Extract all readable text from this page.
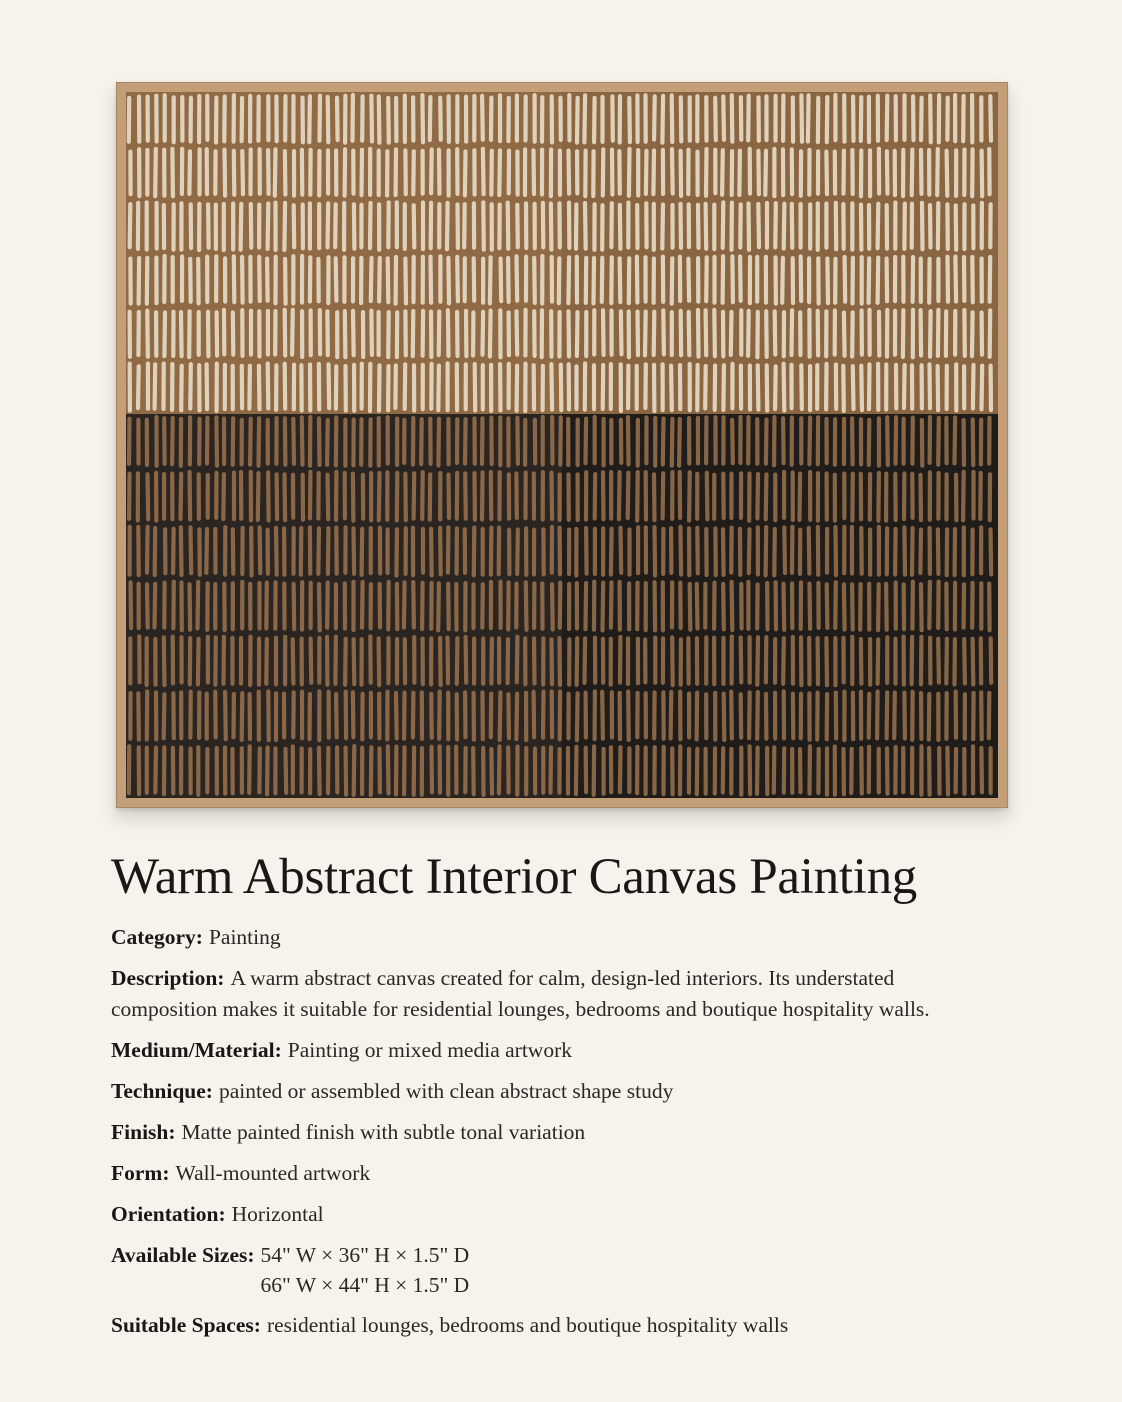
Warm Abstract Interior Canvas Painting
Category: Painting
Description: A warm abstract canvas created for calm, design-led interiors. Its understated composition makes it suitable for residential lounges, bedrooms and boutique hospitality walls.
Medium/Material: Painting or mixed media artwork
Technique: painted or assembled with clean abstract shape study
Finish: Matte painted finish with subtle tonal variation
Form: Wall-mounted artwork
Orientation: Horizontal
Available Sizes: 54" W × 36" H × 1.5" D
66" W × 44" H × 1.5" D
Suitable Spaces: residential lounges, bedrooms and boutique hospitality walls
